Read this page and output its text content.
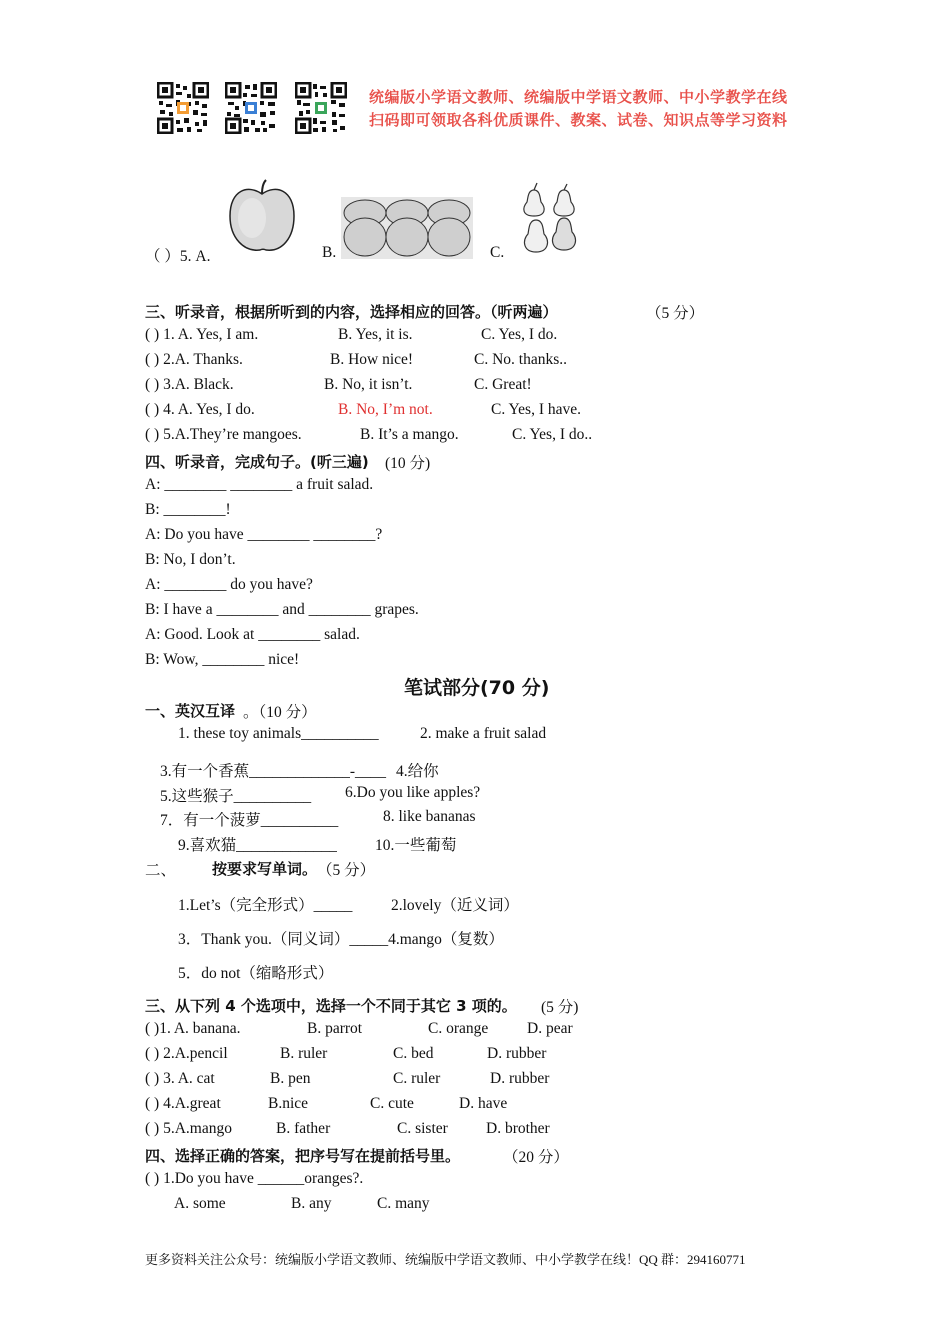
统编版小学语文教师、统编版中学语文教师、中小学教学在线
扫码即可领取各科优质课件、教案、试卷、知识点等学习资料
（ ）5. A.	B.	C.
三、听录音，根据所听到的内容，选择相应的回答。（听两遍）	（5 分）
( ) 1. A. Yes, I am.	B. Yes, it is.	C. Yes, I do.
( ) 2.A. Thanks.	B. How nice!	C. No. thanks..
( ) 3.A. Black.	B. No, it isn’t.	C. Great!
( ) 4. A. Yes, I do.	B. No, I’m not.	C. Yes, I have.
( ) 5.A.They’re mangoes.	B. It’s a mango.	C. Yes, I do..
四、听录音，完成句子。(听三遍) (10 分)
A: ________ ________ a fruit salad.
B: ________!
A: Do you have ________ ________?
B: No, I don’t.
A: ________ do you have?
B: I have a ________ and ________ grapes.
A: Good. Look at ________ salad.
B: Wow, ________ nice!
笔试部分(70 分)
一、英汉互译 。（10 分）
1. these toy animals__________	2. make a fruit salad
3.有一个香蕉_____________-____ 4.给你
5.这些猴子__________ 6.Do you like apples?
7．有一个菠萝__________	8. like bananas
9.喜欢猫_____________ 10.一些葡萄
二、 按要求写单词。 （5 分）
1.Let’s（完全形式）_____ 2.lovely（近义词）
3．Thank you.（同义词）_____4.mango（复数）
5．do not（缩略形式）
三、从下列 4 个选项中，选择一个不同于其它 3 项的。 (5 分)
( )1. A. banana.	B. parrot	C. orange D. pear
( ) 2.A.pencil	B. ruler	C. bed	D. rubber
( ) 3. A. cat	B. pen	C. ruler	D. rubber
( ) 4.A.great	B.nice	C. cute	D. have
( ) 5.A.mango	B. father	C. sister D. brother
四、选择正确的答案，把序号写在提前括号里。	（20 分）
( ) 1.Do you have ______oranges?.
A. some	B. any	C. many
更多资料关注公众号：统编版小学语文教师、统编版中学语文教师、中小学教学在线！QQ 群：294160771
